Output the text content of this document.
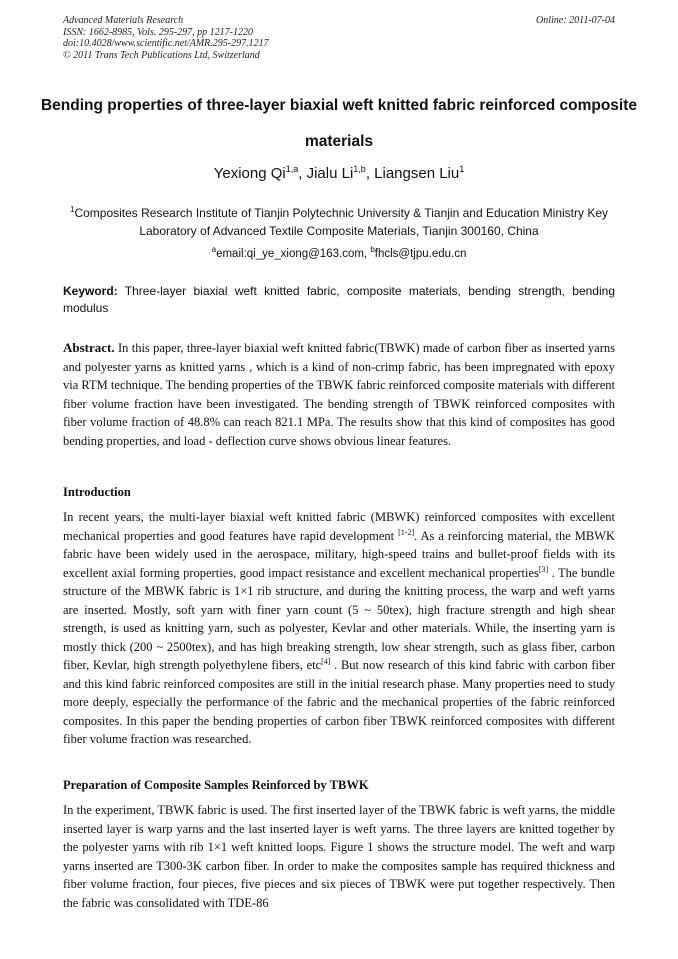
Advanced Materials Research
ISSN: 1662-8985, Vols. 295-297, pp 1217-1220
doi:10.4028/www.scientific.net/AMR.295-297.1217
© 2011 Trans Tech Publications Ltd, Switzerland
Online: 2011-07-04
Bending properties of three-layer biaxial weft knitted fabric reinforced composite materials
Yexiong Qi$^{1,a}$, Jialu Li$^{1,b}$, Liangsen Liu$^1$
$^1$Composites Research Institute of Tianjin Polytechnic University & Tianjin and Education Ministry Key Laboratory of Advanced Textile Composite Materials, Tianjin 300160, China
$^a$email:qi_ye_xiong@163.com, $^b$fhcls@tjpu.edu.cn
Keyword: Three-layer biaxial weft knitted fabric, composite materials, bending strength, bending modulus
Abstract. In this paper, three-layer biaxial weft knitted fabric(TBWK) made of carbon fiber as inserted yarns and polyester yarns as knitted yarns , which is a kind of non-crimp fabric, has been impregnated with epoxy via RTM technique. The bending properties of the TBWK fabric reinforced composite materials with different fiber volume fraction have been investigated. The bending strength of TBWK reinforced composites with fiber volume fraction of 48.8% can reach 821.1 MPa. The results show that this kind of composites has good bending properties, and load - deflection curve shows obvious linear features.
Introduction
In recent years, the multi-layer biaxial weft knitted fabric (MBWK) reinforced composites with excellent mechanical properties and good features have rapid development [1-2]. As a reinforcing material, the MBWK fabric have been widely used in the aerospace, military, high-speed trains and bullet-proof fields with its excellent axial forming properties, good impact resistance and excellent mechanical properties[3] . The bundle structure of the MBWK fabric is 1×1 rib structure, and during the knitting process, the warp and weft yarns are inserted. Mostly, soft yarn with finer yarn count (5 ~ 50tex), high fracture strength and high shear strength, is used as knitting yarn, such as polyester, Kevlar and other materials. While, the inserting yarn is mostly thick (200 ~ 2500tex), and has high breaking strength, low shear strength, such as glass fiber, carbon fiber, Kevlar, high strength polyethylene fibers, etc[4] . But now research of this kind fabric with carbon fiber and this kind fabric reinforced composites are still in the initial research phase. Many properties need to study more deeply, especially the performance of the fabric and the mechanical properties of the fabric reinforced composites. In this paper the bending properties of carbon fiber TBWK reinforced composites with different fiber volume fraction was researched.
Preparation of Composite Samples Reinforced by TBWK
In the experiment, TBWK fabric is used. The first inserted layer of the TBWK fabric is weft yarns, the middle inserted layer is warp yarns and the last inserted layer is weft yarns. The three layers are knitted together by the polyester yarns with rib 1×1 weft knitted loops. Figure 1 shows the structure model. The weft and warp yarns inserted are T300-3K carbon fiber. In order to make the composites sample has required thickness and fiber volume fraction, four pieces, five pieces and six pieces of TBWK were put together respectively. Then the fabric was consolidated with TDE-86
